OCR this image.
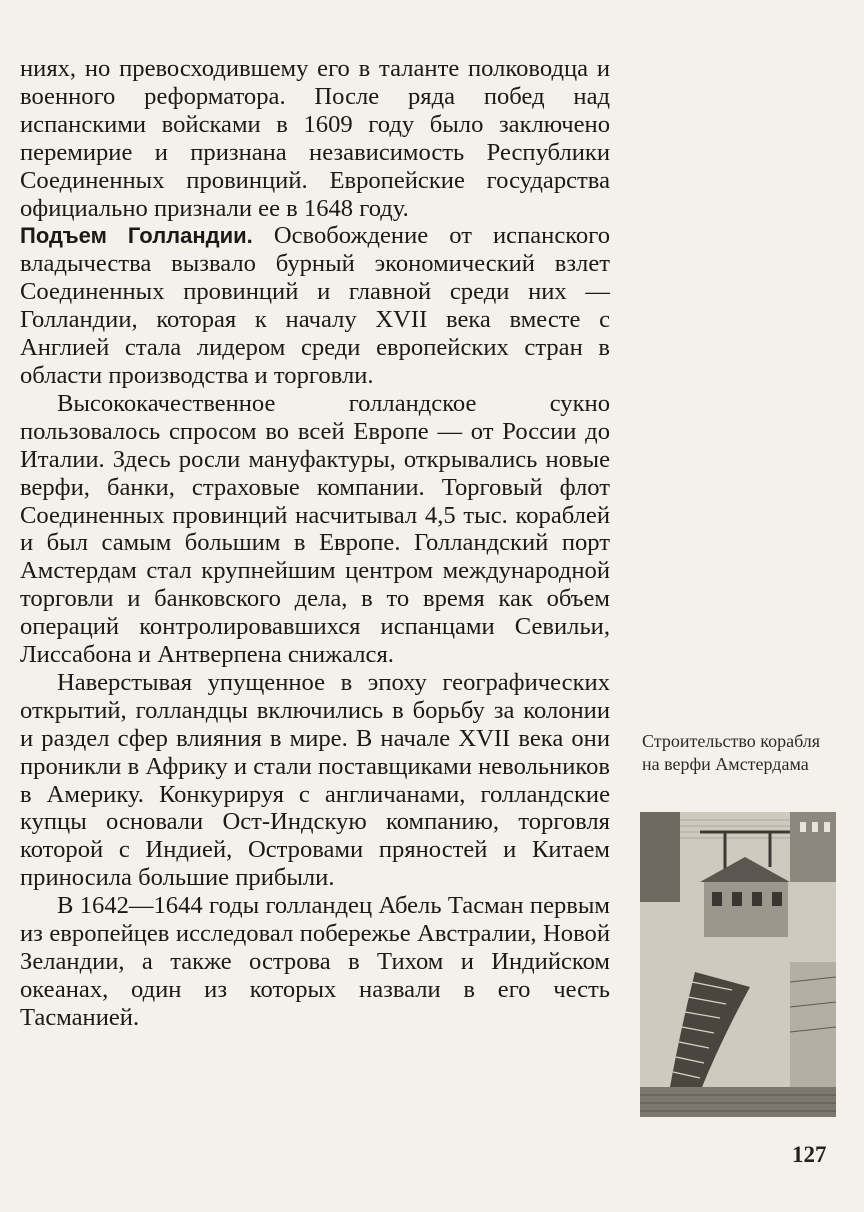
ниях, но превосходившему его в таланте полководца и военного реформатора. После ряда побед над испанскими войсками в 1609 году было заключено перемирие и признана независимость Республики Соединенных провинций. Европейские государства официально признали ее в 1648 году.

Подъем Голландии. Освобождение от испанского владычества вызвало бурный экономический взлет Соединенных провинций и главной среди них — Голландии, которая к началу XVII века вместе с Англией стала лидером среди европейских стран в области производства и торговли.

Высококачественное голландское сукно пользовалось спросом во всей Европе — от России до Италии. Здесь росли мануфактуры, открывались новые верфи, банки, страховые компании. Торговый флот Соединенных провинций насчитывал 4,5 тыс. кораблей и был самым большим в Европе. Голландский порт Амстердам стал крупнейшим центром международной торговли и банковского дела, в то время как объем операций контролировавшихся испанцами Севильи, Лиссабона и Антверпена снижался.

Наверстывая упущенное в эпоху географических открытий, голландцы включились в борьбу за колонии и раздел сфер влияния в мире. В начале XVII века они проникли в Африку и стали поставщиками невольников в Америку. Конкурируя с англичанами, голландские купцы основали Ост-Индскую компанию, торговля которой с Индией, Островами пряностей и Китаем приносила большие прибыли.

В 1642—1644 годы голландец Абель Тасман первым из европейцев исследовал побережье Австралии, Новой Зеландии, а также острова в Тихом и Индийском океанах, один из которых назвали в его честь Тасманией.

Строительство корабля на верфи Амстердама
127
